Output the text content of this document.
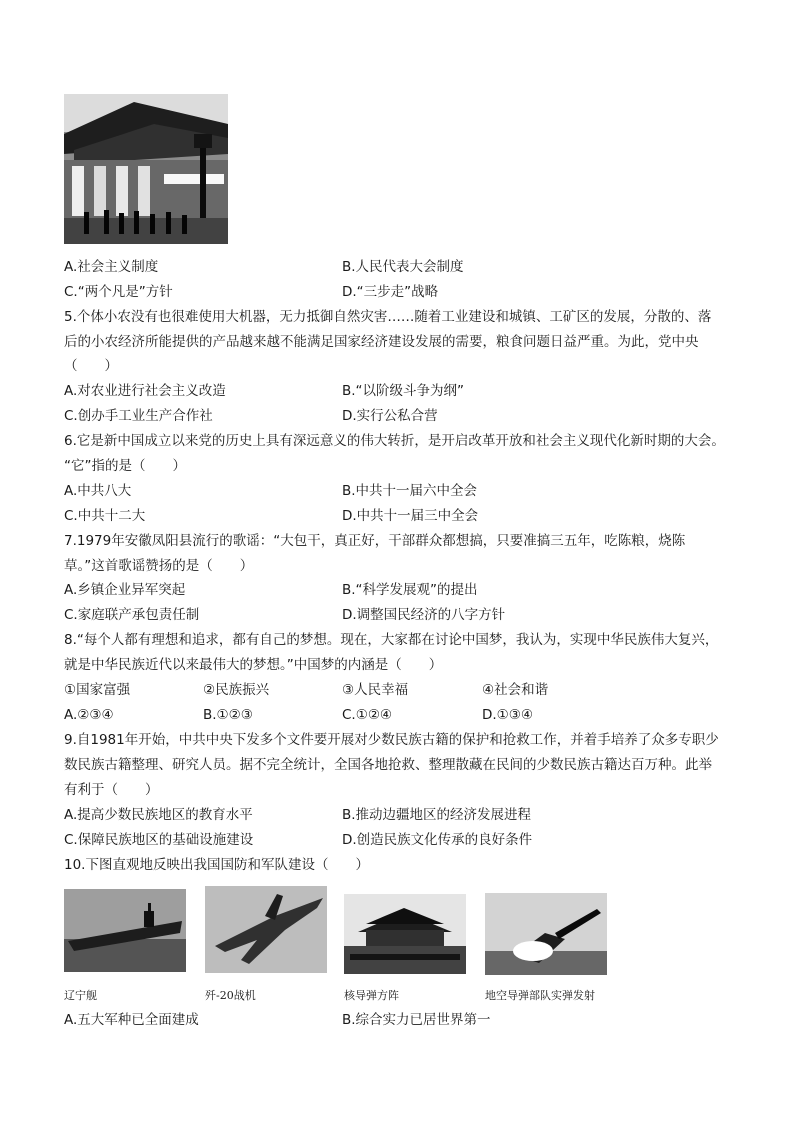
A.社会主义制度	B.人民代表大会制度
C.“两个凡是”方针	D.“三步走”战略
5.个体小农没有也很难使用大机器，无力抵御自然灾害……随着工业建设和城镇、工矿区的发展，分散的、落
后的小农经济所能提供的产品越来越不能满足国家经济建设发展的需要，粮食问题日益严重。为此，党中央
（　　）
A.对农业进行社会主义改造	B.“以阶级斗争为纲”
C.创办手工业生产合作社	D.实行公私合营
6.它是新中国成立以来党的历史上具有深远意义的伟大转折，是开启改革开放和社会主义现代化新时期的大会。
“它”指的是（　　）
A.中共八大	B.中共十一届六中全会
C.中共十二大	D.中共十一届三中全会
7.1979年安徽凤阳县流行的歌谣：“大包干，真正好，干部群众都想搞，只要准搞三五年，吃陈粮，烧陈
草。”这首歌谣赞扬的是（　　）
A.乡镇企业异军突起	B.“科学发展观”的提出
C.家庭联产承包责任制	D.调整国民经济的八字方针
8.“每个人都有理想和追求，都有自己的梦想。现在，大家都在讨论中国梦，我认为，实现中华民族伟大复兴，
就是中华民族近代以来最伟大的梦想。”中国梦的内涵是（　　）
①国家富强	②民族振兴	③人民幸福	④社会和谐
A.②③④	B.①②③	C.①②④	D.①③④
9.自1981年开始，中共中央下发多个文件要开展对少数民族古籍的保护和抢救工作，并着手培养了众多专职少
数民族古籍整理、研究人员。据不完全统计，全国各地抢救、整理散藏在民间的少数民族古籍达百万种。此举
有利于（　　）
A.提高少数民族地区的教育水平	B.推动边疆地区的经济发展进程
C.保障民族地区的基础设施建设	D.创造民族文化传承的良好条件
10.下图直观地反映出我国国防和军队建设（　　）
辽宁舰	歼-20战机	核导弹方阵	地空导弹部队实弹发射
A.五大军种已全面建成	B.综合实力已居世界第一
